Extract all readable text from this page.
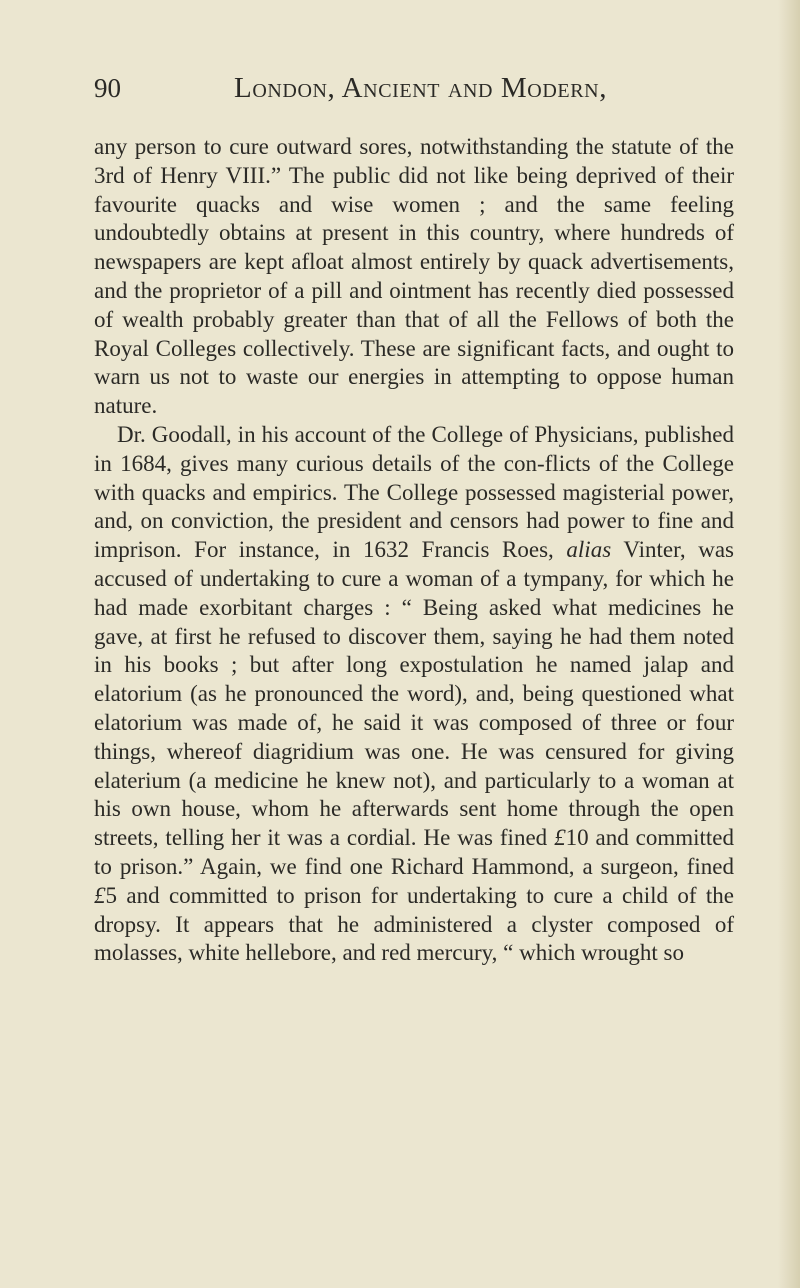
90	London, Ancient and Modern,

any person to cure outward sores, notwithstanding the statute of the 3rd of Henry VIII.” The public did not like being deprived of their favourite quacks and wise women ; and the same feeling undoubtedly obtains at present in this country, where hundreds of newspapers are kept afloat almost entirely by quack advertisements, and the proprietor of a pill and ointment has recently died possessed of wealth probably greater than that of all the Fellows of both the Royal Colleges collectively. These are significant facts, and ought to warn us not to waste our energies in attempting to oppose human nature.

Dr. Goodall, in his account of the College of Physicians, published in 1684, gives many curious details of the con-flicts of the College with quacks and empirics. The College possessed magisterial power, and, on conviction, the president and censors had power to fine and imprison. For instance, in 1632 Francis Roes, alias Vinter, was accused of undertaking to cure a woman of a tympany, for which he had made exorbitant charges : “ Being asked what medicines he gave, at first he refused to discover them, saying he had them noted in his books ; but after long expostulation he named jalap and elatorium (as he pronounced the word), and, being questioned what elatorium was made of, he said it was composed of three or four things, whereof diagridium was one. He was censured for giving elaterium (a medicine he knew not), and particularly to a woman at his own house, whom he afterwards sent home through the open streets, telling her it was a cordial. He was fined £10 and committed to prison.” Again, we find one Richard Hammond, a surgeon, fined £5 and committed to prison for undertaking to cure a child of the dropsy. It appears that he administered a clyster composed of molasses, white hellebore, and red mercury, “ which wrought so
